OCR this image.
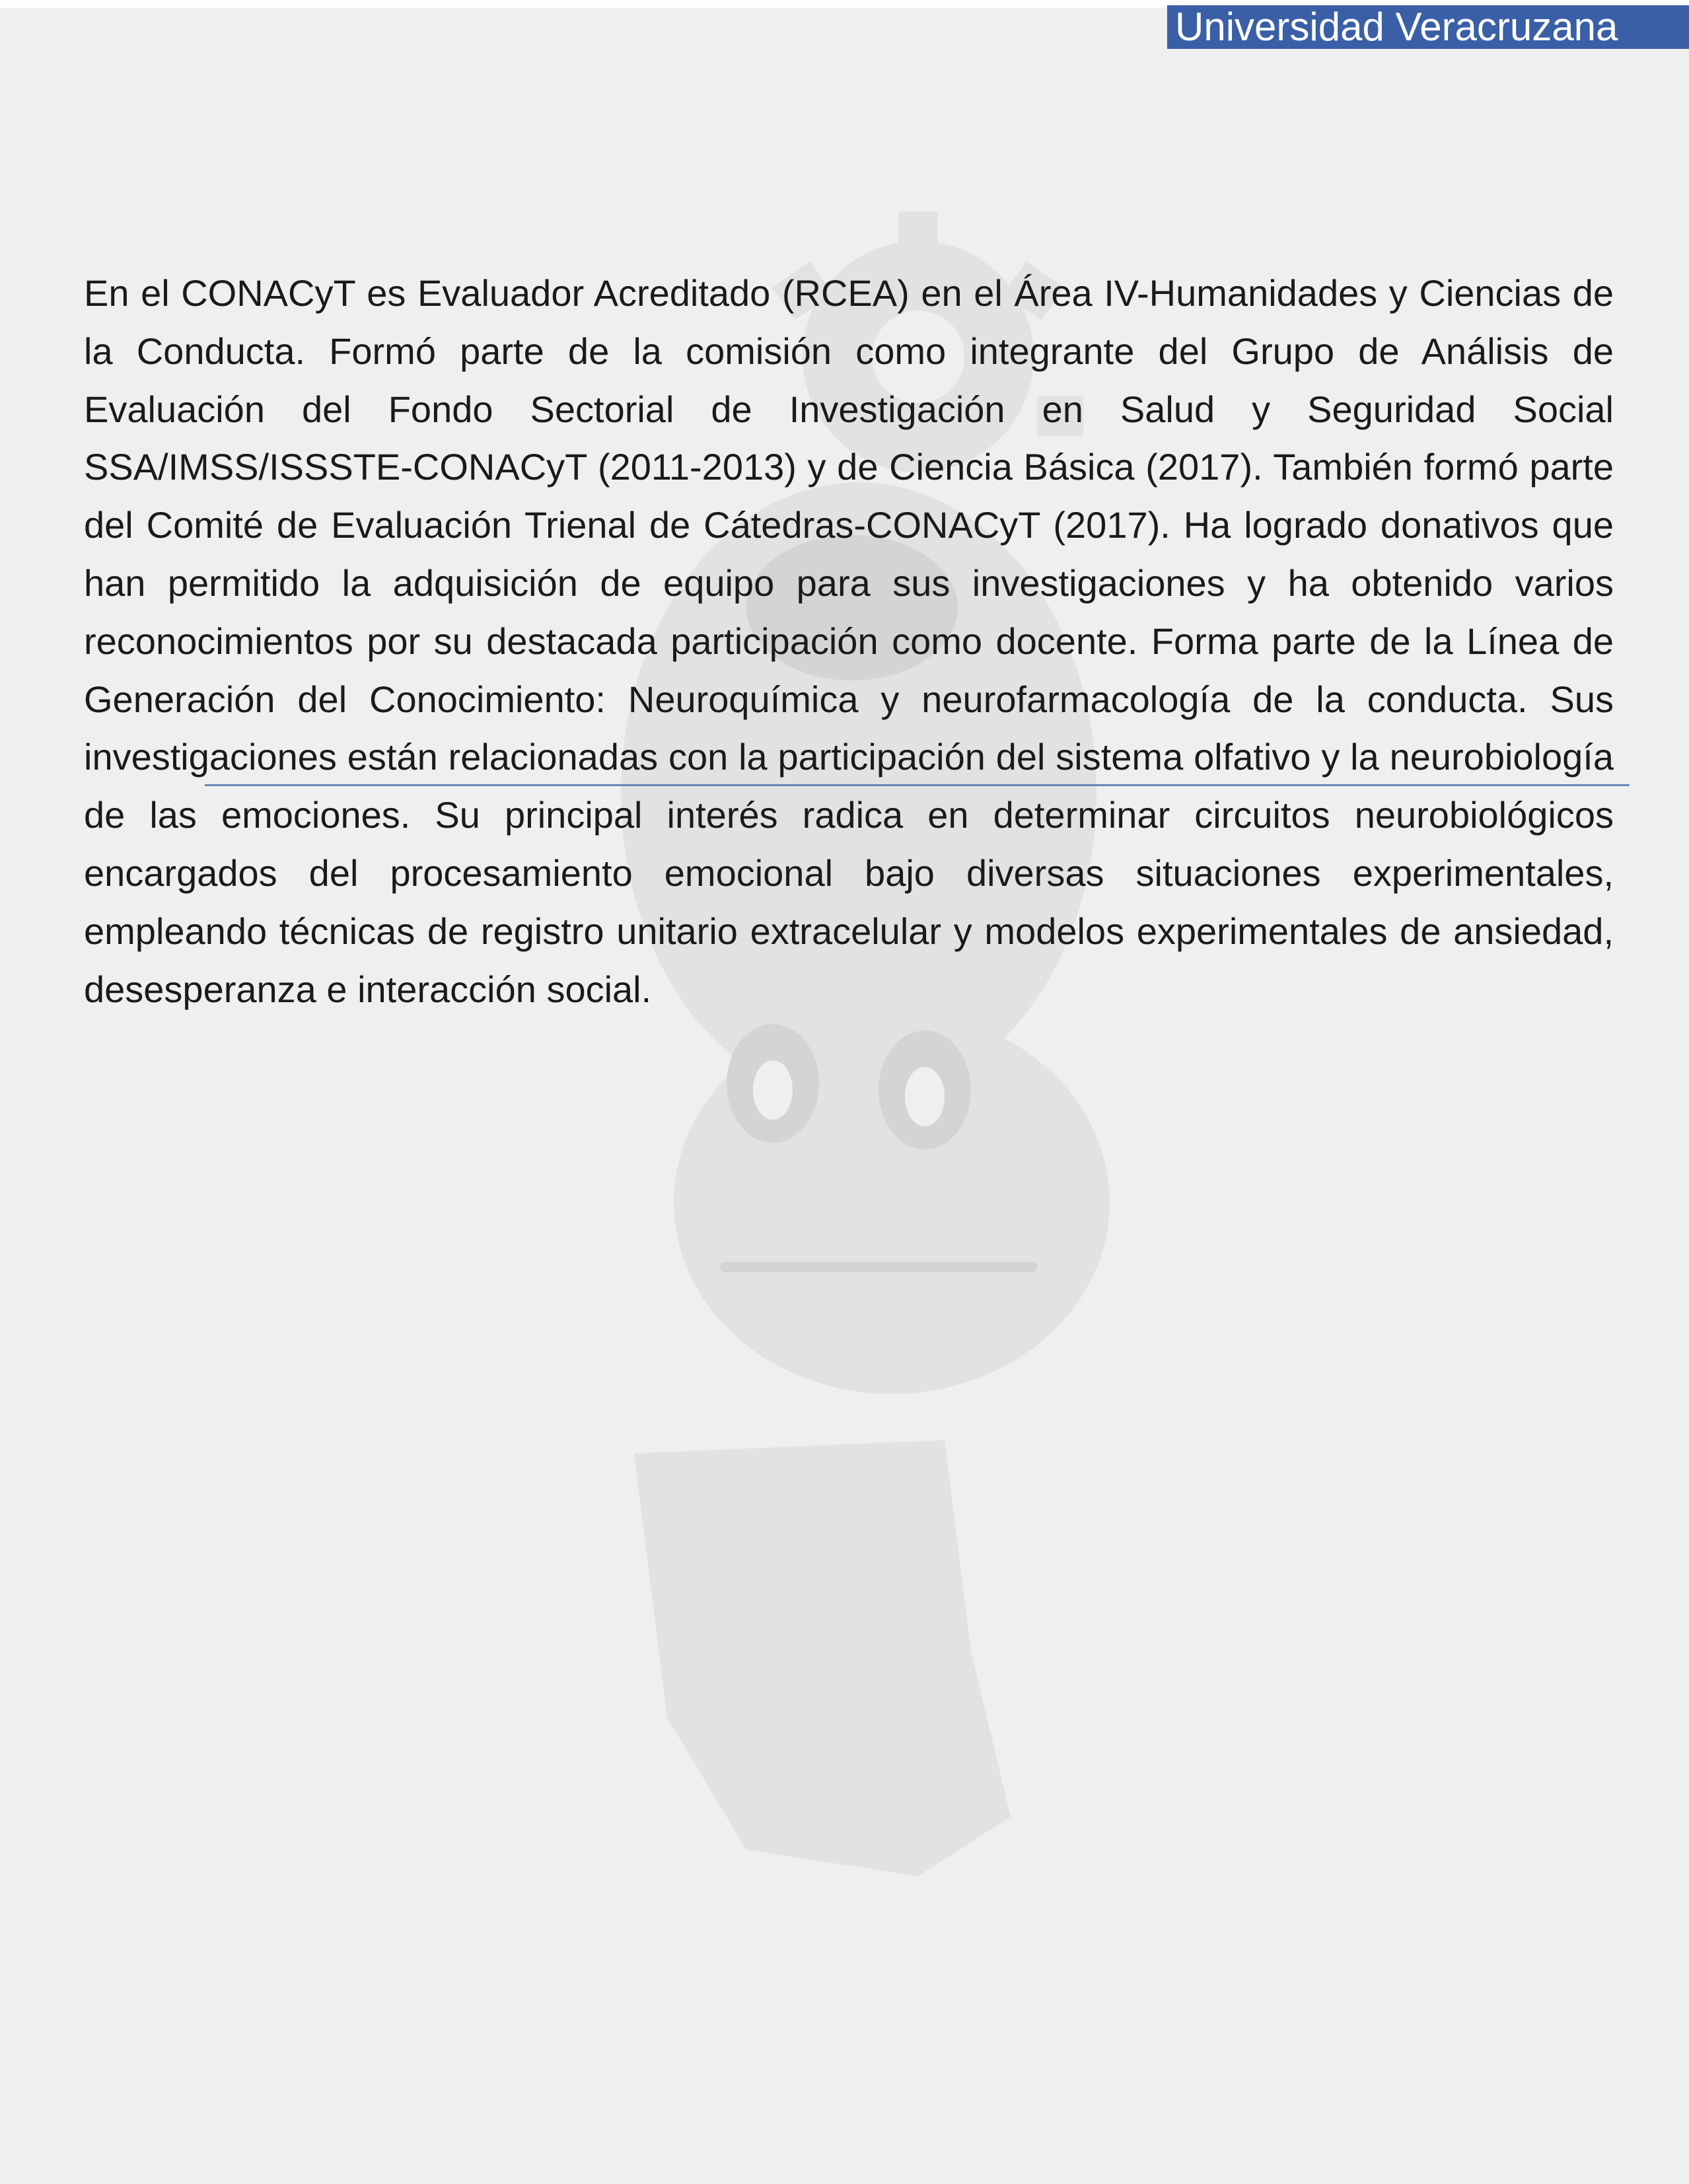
Universidad Veracruzana
En el CONACyT es Evaluador Acreditado (RCEA) en el Área IV-Humanidades y Ciencias de la Conducta. Formó parte de la comisión como integrante del Grupo de Análisis de Evaluación del Fondo Sectorial de Investigación en Salud y Seguridad Social SSA/IMSS/ISSSTE-CONACyT (2011-2013) y de Ciencia Básica (2017). También formó parte del Comité de Evaluación Trienal de Cátedras-CONACyT (2017). Ha logrado donativos que han permitido la adquisición de equipo para sus investigaciones y ha obtenido varios reconocimientos por su destacada participación como docente. Forma parte de la Línea de Generación del Conocimiento: Neuroquímica y neurofarmacología de la conducta. Sus investigaciones están relacionadas con la participación del sistema olfativo y la neurobiología de las emociones. Su principal interés radica en determinar circuitos neurobiológicos encargados del procesamiento emocional bajo diversas situaciones experimentales, empleando técnicas de registro unitario extracelular y modelos experimentales de ansiedad, desesperanza e interacción social.
